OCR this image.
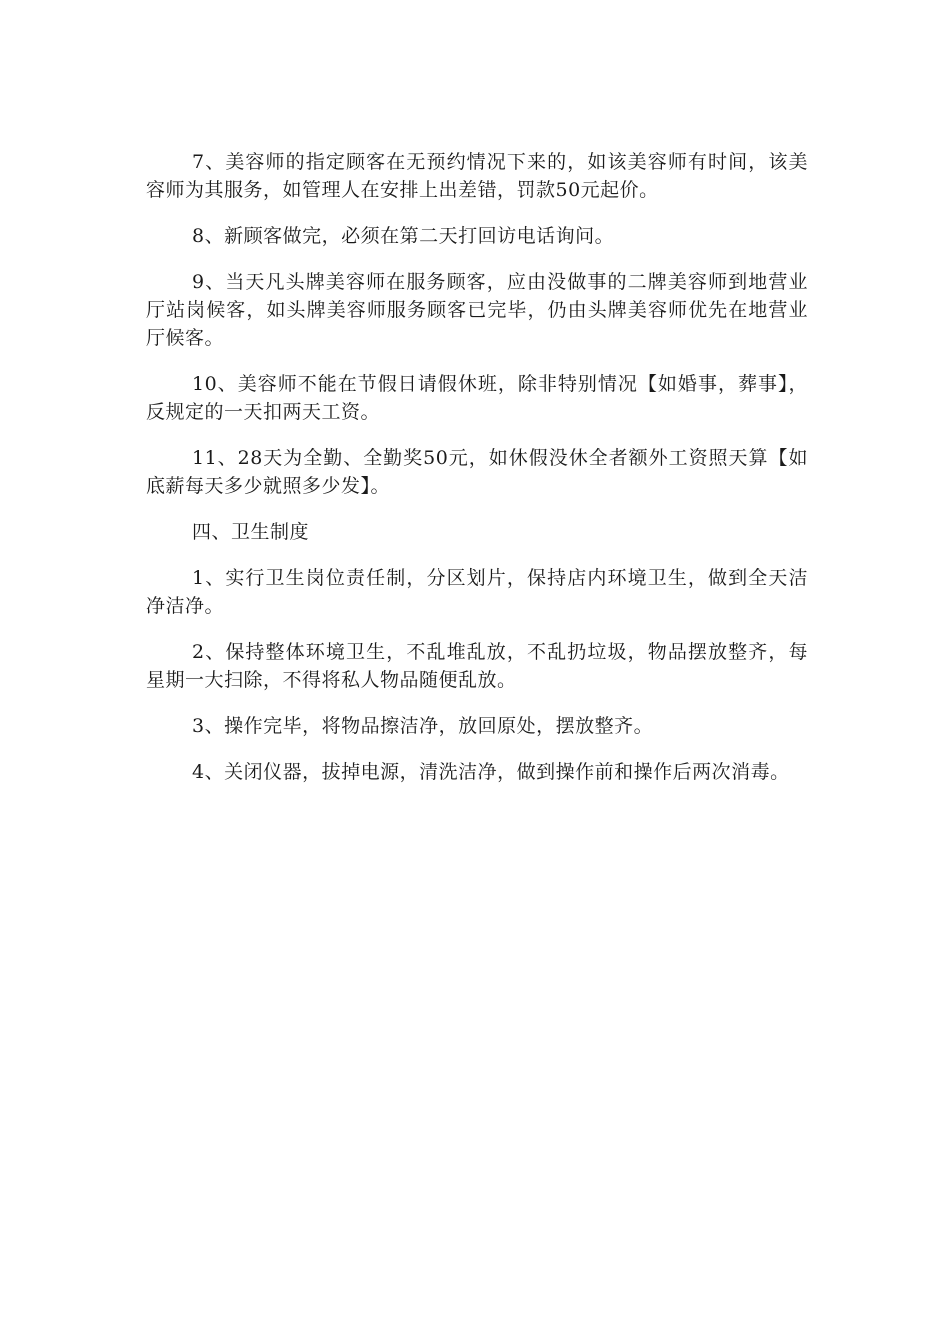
7、美容师的指定顾客在无预约情况下来的，如该美容师有时间，该美容师为其服务，如管理人在安排上出差错，罚款50元起价。

8、新顾客做完，必须在第二天打回访电话询问。

9、当天凡头牌美容师在服务顾客，应由没做事的二牌美容师到地营业厅站岗候客，如头牌美容师服务顾客已完毕，仍由头牌美容师优先在地营业厅候客。

10、美容师不能在节假日请假休班，除非特别情况【如婚事，葬事】，反规定的一天扣两天工资。

11、28天为全勤、全勤奖50元，如休假没休全者额外工资照天算【如底薪每天多少就照多少发】。

四、卫生制度

1、实行卫生岗位责任制，分区划片，保持店内环境卫生，做到全天洁净洁净。

2、保持整体环境卫生，不乱堆乱放，不乱扔垃圾，物品摆放整齐，每星期一大扫除，不得将私人物品随便乱放。

3、操作完毕，将物品擦洁净，放回原处，摆放整齐。

4、关闭仪器，拔掉电源，清洗洁净，做到操作前和操作后两次消毒。
